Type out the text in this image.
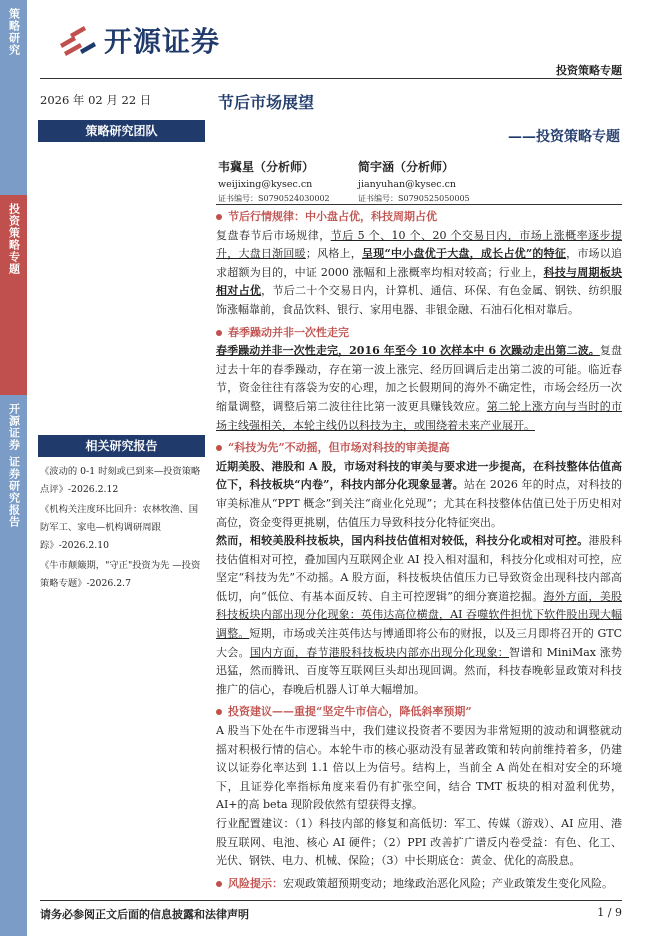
策略研究
投资策略专题
开源证券 证券研究报告
开源证券
投资策略专题
2026 年 02 月 22 日	节后市场展望
——投资策略专题
策略研究团队
韦冀星（分析师）
weijixing@kysec.cn
证书编号：S0790524030002
简宇涵（分析师）
jianyuhan@kysec.cn
证书编号：S0790525050005
相关研究报告
《波动的 0-1 时刻或已到来—投资策略点评》-2026.2.12
《机构关注度环比回升：农林牧渔、国防军工、家电—机构调研周跟踪》-2026.2.10
《牛市颠簸期，"守正"投资为先 —投资策略专题》-2026.2.7

节后行情规律：中小盘占优，科技周期占优

复盘春节后市场规律，节后 5 个、10 个、20 个交易日内，市场上涨概率逐步提升，大盘日渐回暖；风格上，呈现“中小盘优于大盘，成长占优”的特征，市场以追求超额为目的，中证 2000 涨幅和上涨概率均相对较高；行业上，科技与周期板块相对占优，节后二十个交易日内，计算机、通信、环保、有色金属、钢铁、纺织服饰涨幅靠前，食品饮料、银行、家用电器、非银金融、石油石化相对靠后。

春季躁动并非一次性走完

春季躁动并非一次性走完，2016 年至今 10 次样本中 6 次躁动走出第二波。复盘过去十年的春季躁动，存在第一波上涨完、经历回调后走出第二波的可能。临近春节，资金往往有落袋为安的心理，加之长假期间的海外不确定性，市场会经历一次缩量调整，调整后第二波往往比第一波更具赚钱效应。第二轮上涨方向与当时的市场主线强相关，本轮主线仍以科技为主，或围绕着未来产业展开。

“科技为先”不动摇，但市场对科技的审美提高

近期美股、港股和 A 股，市场对科技的审美与要求进一步提高，在科技整体估值高位下，科技板块“内卷”，科技内部分化现象显著。站在 2026 年的时点，对科技的审美标准从“PPT 概念”到关注“商业化兑现”；尤其在科技整体估值已处于历史相对高位，资金变得更挑剔，估值压力导致科技分化特征突出。

然而，相较美股科技板块，国内科技估值相对较低，科技分化或相对可控。港股科技估值相对可控，叠加国内互联网企业 AI 投入相对温和，科技分化或相对可控，应坚定“科技为先”不动摇。A 股方面，科技板块估值压力已导致资金出现科技内部高低切，向“低位、有基本面反转、自主可控逻辑”的细分赛道挖掘。海外方面，美股科技板块内部出现分化现象：英伟达高位横盘，AI 吞噬软件担忧下软件股出现大幅调整。短期，市场或关注英伟达与博通即将公布的财报，以及三月即将召开的 GTC 大会。国内方面，春节港股科技板块内部亦出现分化现象：智谱和 MiniMax 涨势迅猛，然而腾讯、百度等互联网巨头却出现回调。然而，科技春晚彰显政策对科技推广的信心，春晚后机器人订单大幅增加。

投资建议——重提“坚定牛市信心，降低斜率预期”

A 股当下处在牛市逻辑当中，我们建议投资者不要因为非常短期的波动和调整就动摇对积极行情的信心。本轮牛市的核心驱动没有显著政策和转向前维持着多，仍建议以证券化率达到 1.1 倍以上为信号。结构上，当前全 A 尚处在相对安全的环境下，且证券化率指标角度来看仍有扩张空间，结合 TMT 板块的相对盈利优势，AI+的高 beta 现阶段依然有望获得支撑。

行业配置建议：（1）科技内部的修复和高低切：军工、传媒（游戏）、AI 应用、港股互联网、电池、核心 AI 硬件；（2）PPI 改善扩广谱反内卷受益：有色、化工、光伏、钢铁、电力、机械、保险；（3）中长期底仓：黄金、优化的高股息。

风险提示：宏观政策超预期变动；地缘政治恶化风险；产业政策发生变化风险。

请务必参阅正文后面的信息披露和法律声明	1 / 9
